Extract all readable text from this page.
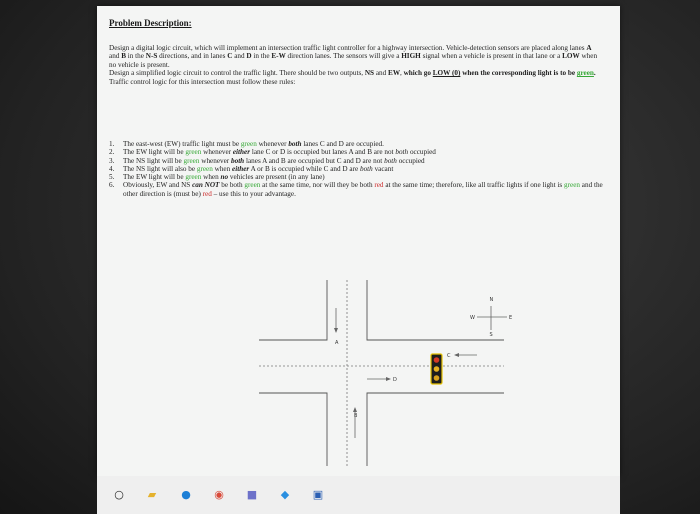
Problem Description:

Design a digital logic circuit, which will implement an intersection traffic light controller for a highway intersection. Vehicle-detection sensors are placed along lanes A and B in the N-S directions, and in lanes C and D in the E-W direction lanes. The sensors will give a HIGH signal when a vehicle is present in that lane or a LOW when no vehicle is present.

Design a simplified logic circuit to control the traffic light. There should be two outputs, NS and EW, which go LOW (0) when the corresponding light is to be green. Traffic control logic for this intersection must follow these rules:

1.	The east-west (EW) traffic light must be green whenever both lanes C and D are occupied.
2.	The EW light will be green whenever either lane C or D is occupied but lanes A and B are not both occupied
3.	The NS light will be green whenever both lanes A and B are occupied but C and D are not both occupied
4.	The NS light will also be green when either A or B is occupied while C and D are both vacant
5.	The EW light will be green when no vehicles are present (in any lane)
6.	Obviously, EW and NS can NOT be both green at the same time, nor will they be both red at the same time; therefore, like all traffic lights if one light is green and the other direction is (must be) red – use this to your advantage.
A
B
C
D
N
S
W	E
○ ▰ ● ◉ ■ ◆ ▣
